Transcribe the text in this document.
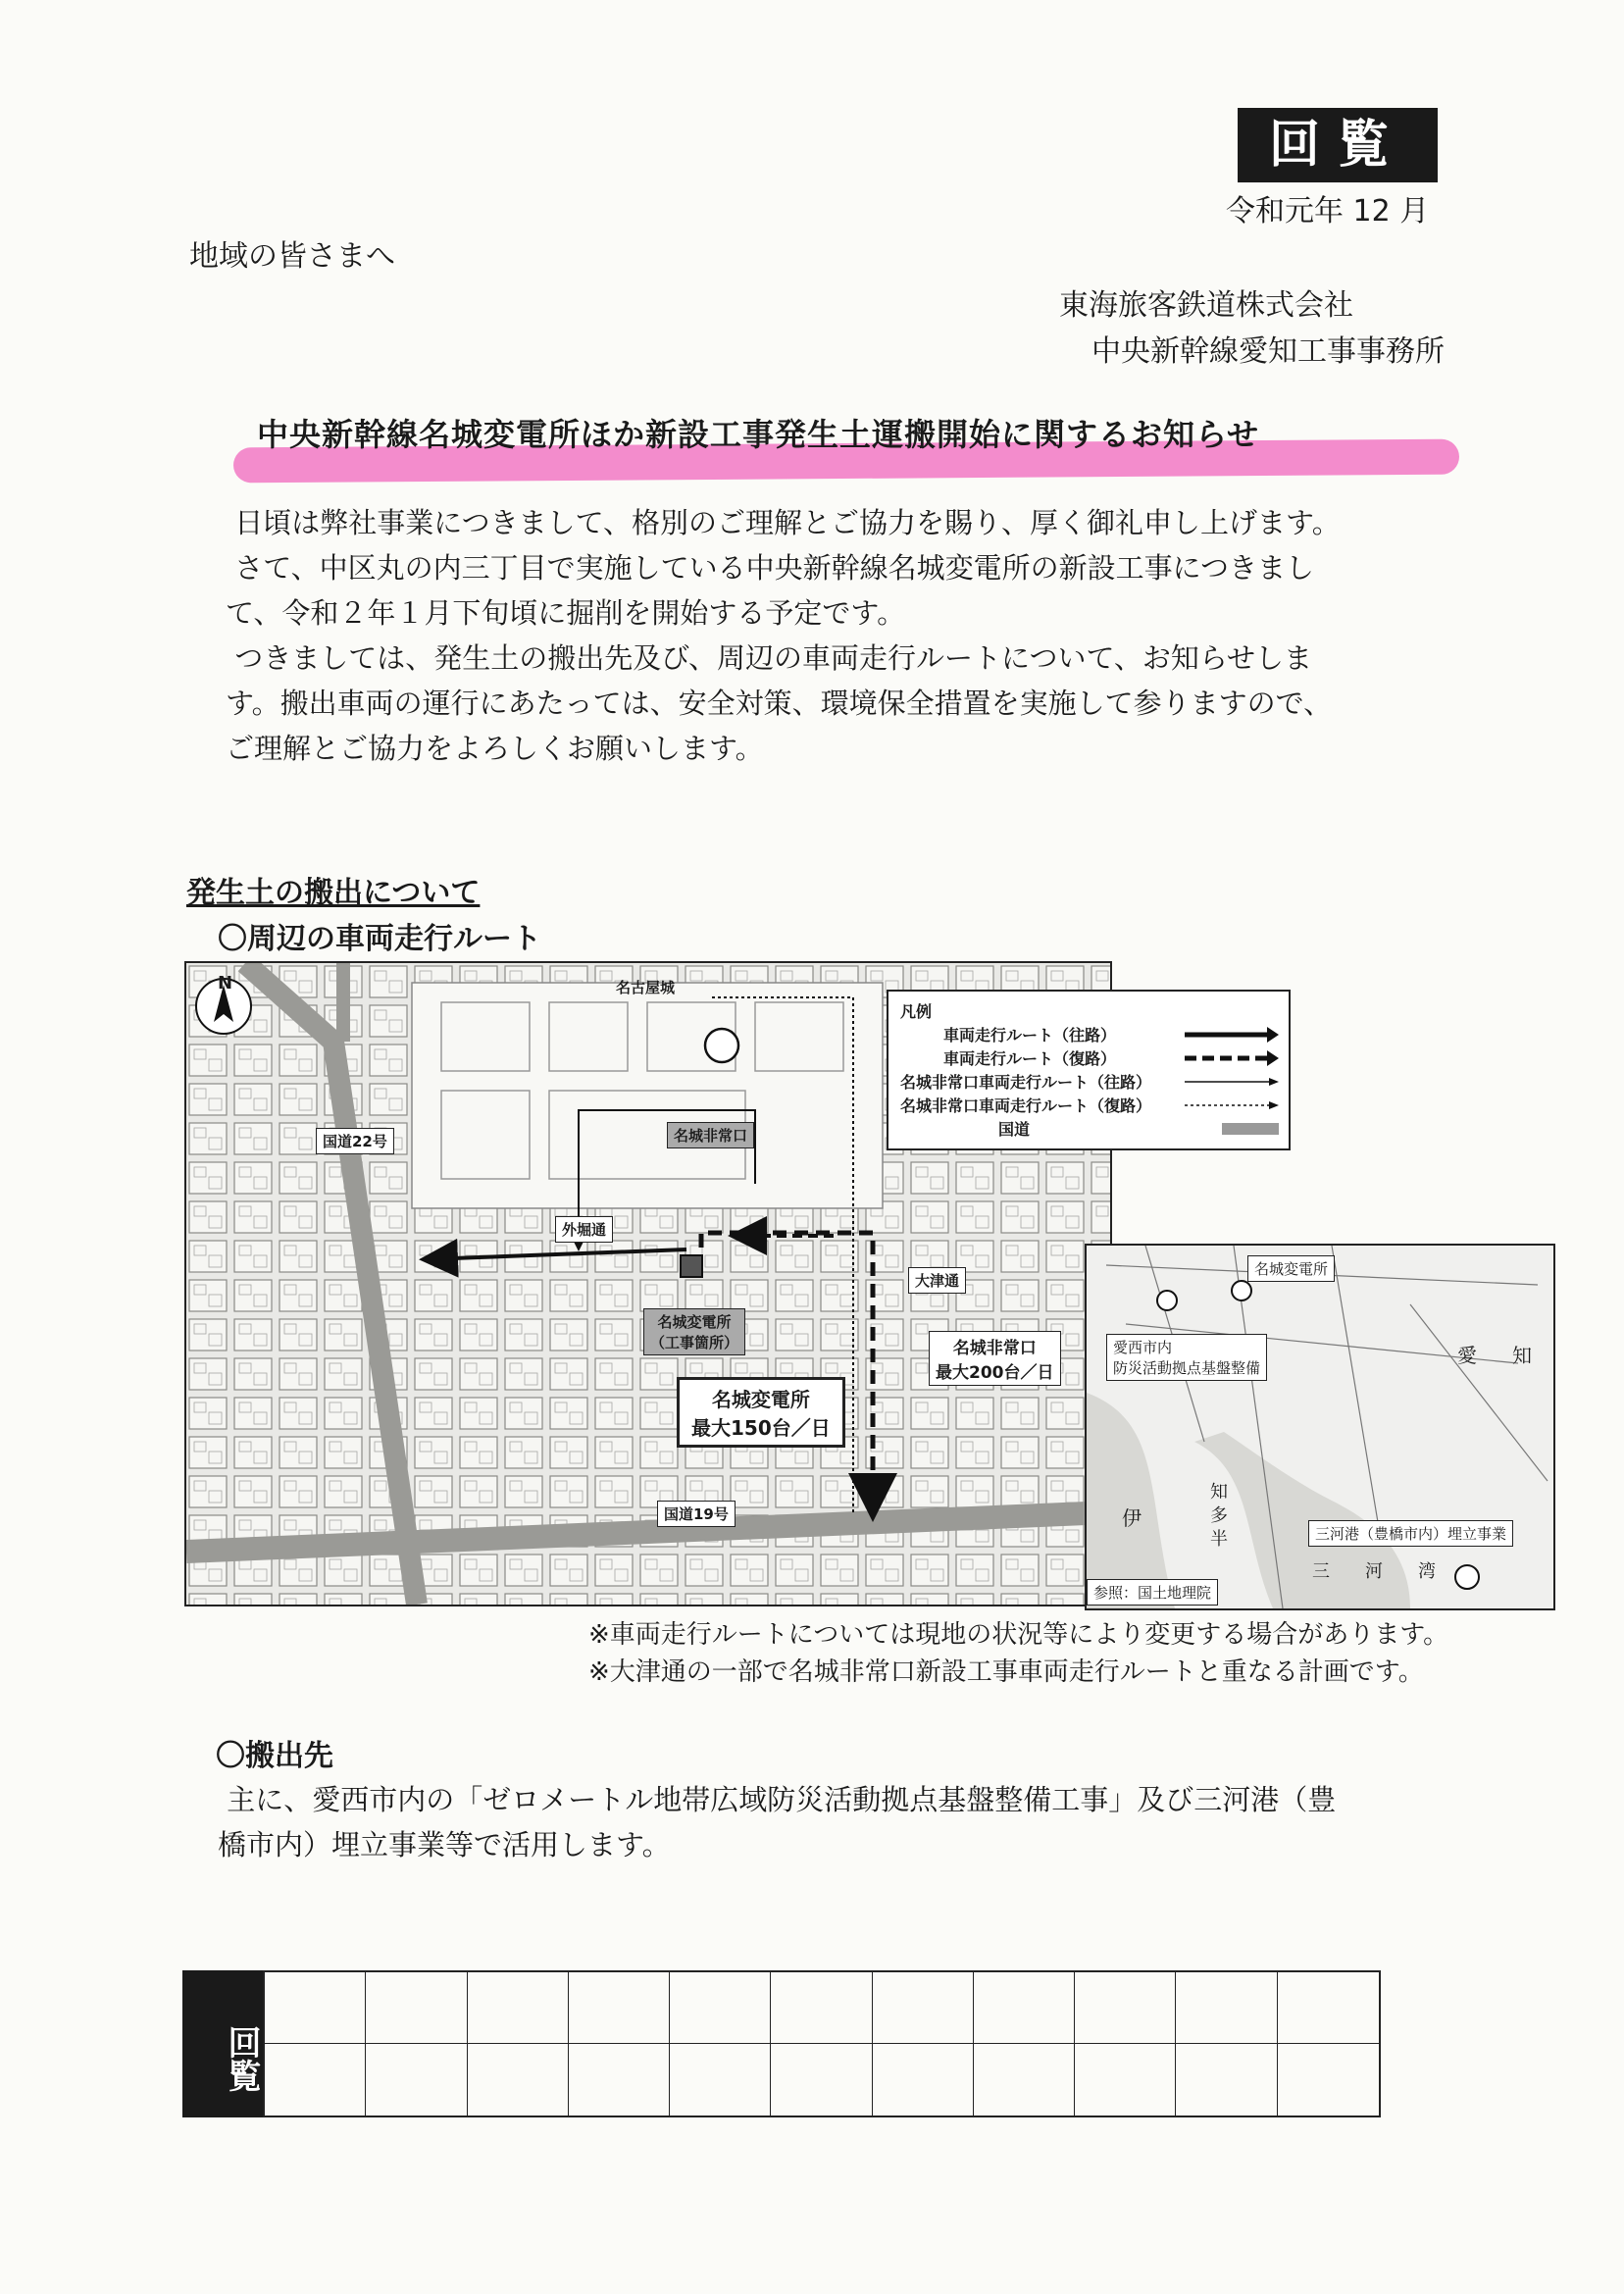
回覧
令和元年 12 月
地域の皆さまへ
東海旅客鉄道株式会社
中央新幹線愛知工事事務所
中央新幹線名城変電所ほか新設工事発生土運搬開始に関するお知らせ

日頃は弊社事業につきまして、格別のご理解とご協力を賜り、厚く御礼申し上げます。

さて、中区丸の内三丁目で実施している中央新幹線名城変電所の新設工事につきまし

て、令和２年１月下旬頃に掘削を開始する予定です。

つきましては、発生土の搬出先及び、周辺の車両走行ルートについて、お知らせしま

す。搬出車両の運行にあたっては、安全対策、環境保全措置を実施して参りますので、

ご理解とご協力をよろしくお願いします。

発生土の搬出について
〇周辺の車両走行ルート
N	名古屋城
国道22号
外堀通
名城非常口
大津通
名城変電所
（工事箇所）
国道19号
名城非常口
最大200台／日
名城変電所
最大150台／日
凡例
車両走行ルート（往路）
車両走行ルート（復路）
名城非常口車両走行ルート（往路）
名城非常口車両走行ルート（復路）
国道
名城変電所
愛西市内
防災活動拠点基盤整備
三河港（豊橋市内）埋立事業
参照：国土地理院
愛 知
伊
知
多
半
三　　河　　湾
※車両走行ルートについては現地の状況等により変更する場合があります。
※大津通の一部で名城非常口新設工事車両走行ルートと重なる計画です。
〇搬出先
主に、愛西市内の「ゼロメートル地帯広域防災活動拠点基盤整備工事」及び三河港（豊
橋市内）埋立事業等で活用します。
回覧
